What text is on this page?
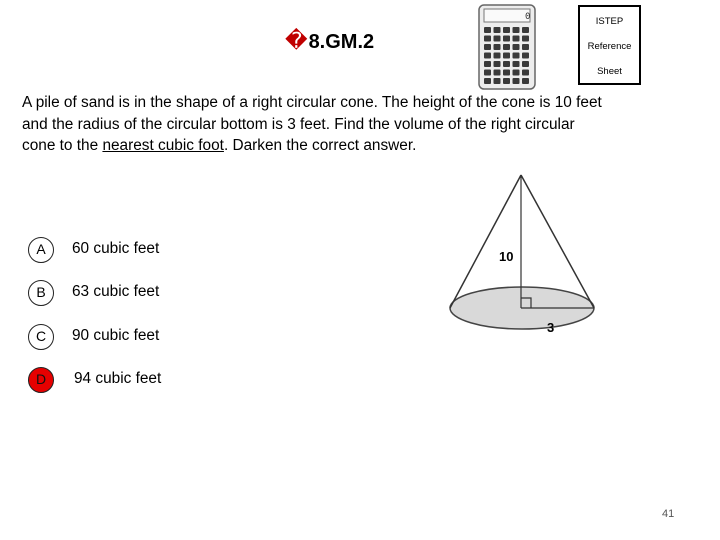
�8.GM.2
0	ISTEP
Reference
Sheet
A pile of sand is in the shape of a right circular cone. The height of the cone is 10 feet and the radius of the circular bottom is 3 feet. Find the volume of the right circular cone to the nearest cubic foot. Darken the correct answer.
A	60 cubic feet
B	63 cubic feet
C	90 cubic feet
D	94 cubic feet
10
3
41
